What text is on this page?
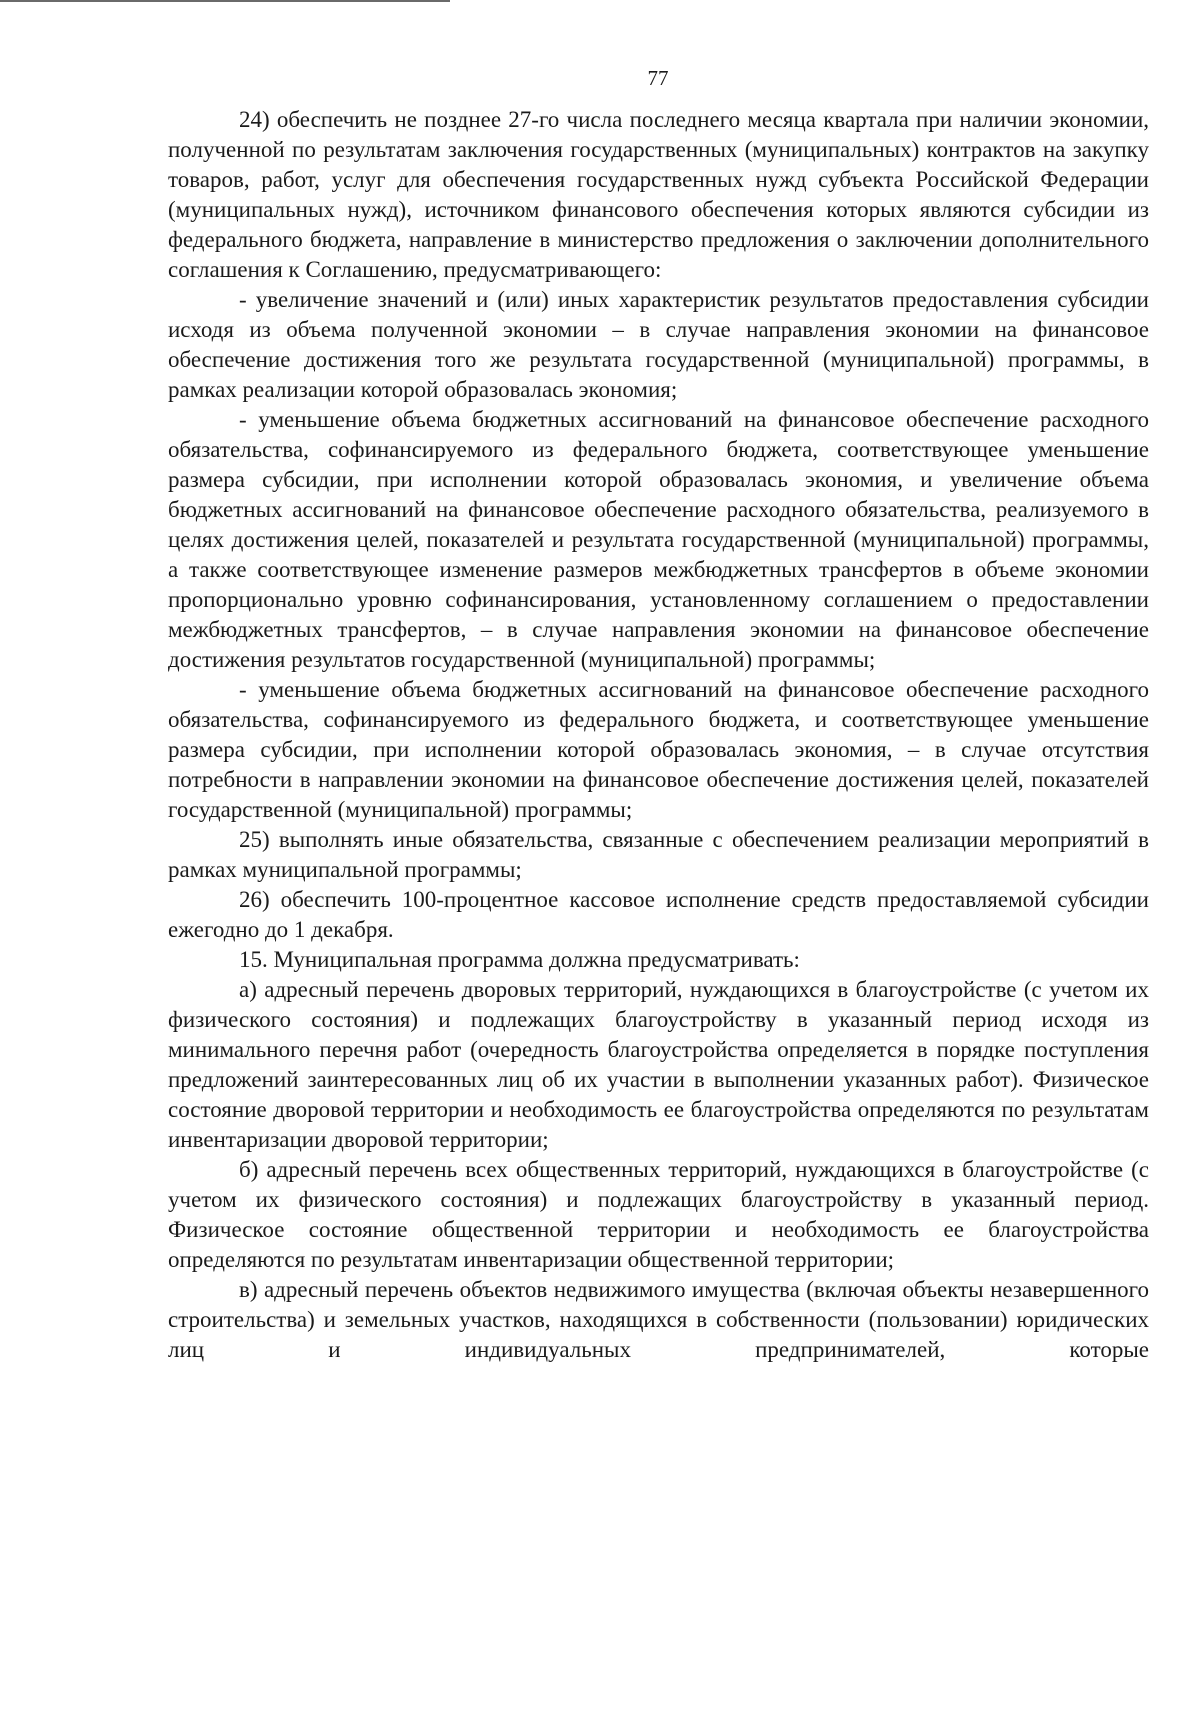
77

24) обеспечить не позднее 27-го числа последнего месяца квартала при наличии экономии, полученной по результатам заключения государственных (муниципальных) контрактов на закупку товаров, работ, услуг для обеспечения государственных нужд субъекта Российской Федерации (муниципальных нужд), источником финансового обеспечения которых являются субсидии из федерального бюджета, направление в министерство предложения о заключении дополнительного соглашения к Соглашению, предусматривающего:

- увеличение значений и (или) иных характеристик результатов предоставления субсидии исходя из объема полученной экономии – в случае направления экономии на финансовое обеспечение достижения того же результата государственной (муниципальной) программы, в рамках реализации которой образовалась экономия;

- уменьшение объема бюджетных ассигнований на финансовое обеспечение расходного обязательства, софинансируемого из федерального бюджета, соответствующее уменьшение размера субсидии, при исполнении которой образовалась экономия, и увеличение объема бюджетных ассигнований на финансовое обеспечение расходного обязательства, реализуемого в целях достижения целей, показателей и результата государственной (муниципальной) программы, а также соответствующее изменение размеров межбюджетных трансфертов в объеме экономии пропорционально уровню софинансирования, установленному соглашением о предоставлении межбюджетных трансфертов, – в случае направления экономии на финансовое обеспечение достижения результатов государственной (муниципальной) программы;

- уменьшение объема бюджетных ассигнований на финансовое обеспечение расходного обязательства, софинансируемого из федерального бюджета, и соответствующее уменьшение размера субсидии, при исполнении которой образовалась экономия, – в случае отсутствия потребности в направлении экономии на финансовое обеспечение достижения целей, показателей государственной (муниципальной) программы;

25) выполнять иные обязательства, связанные с обеспечением реализации мероприятий в рамках муниципальной программы;

26) обеспечить 100-процентное кассовое исполнение средств предоставляемой субсидии ежегодно до 1 декабря.

15. Муниципальная программа должна предусматривать:

а) адресный перечень дворовых территорий, нуждающихся в благоустройстве (с учетом их физического состояния) и подлежащих благоустройству в указанный период исходя из минимального перечня работ (очередность благоустройства определяется в порядке поступления предложений заинтересованных лиц об их участии в выполнении указанных работ). Физическое состояние дворовой территории и необходимость ее благоустройства определяются по результатам инвентаризации дворовой территории;

б) адресный перечень всех общественных территорий, нуждающихся в благоустройстве (с учетом их физического состояния) и подлежащих благоустройству в указанный период. Физическое состояние общественной территории и необходимость ее благоустройства определяются по результатам инвентаризации общественной территории;

в) адресный перечень объектов недвижимого имущества (включая объекты незавершенного строительства) и земельных участков, находящихся в собственности (пользовании) юридических лиц и индивидуальных предпринимателей, которые
